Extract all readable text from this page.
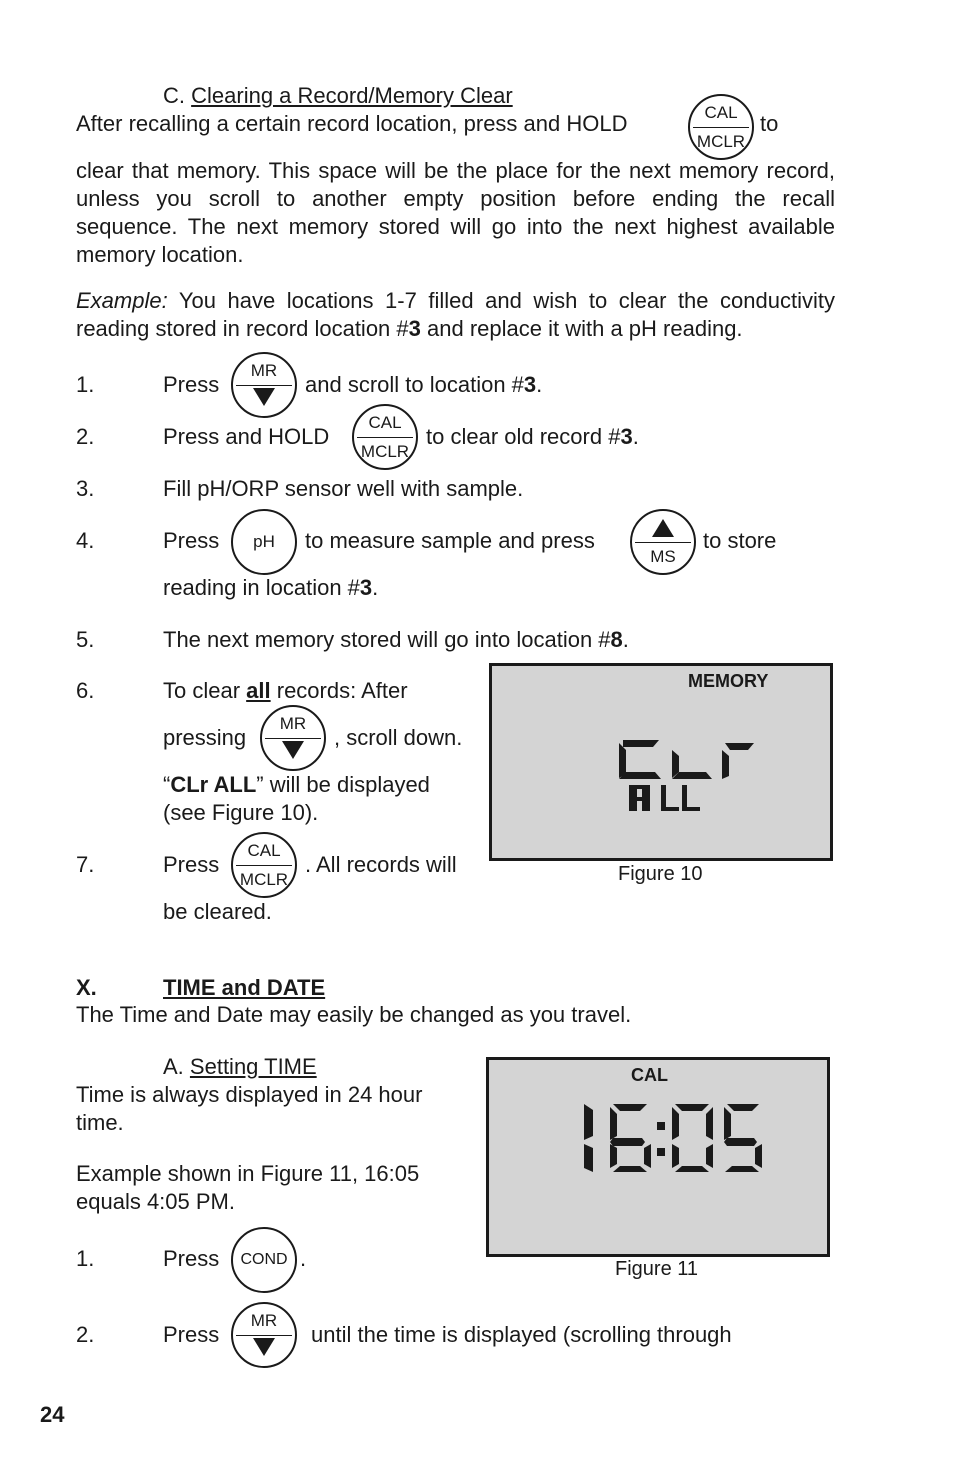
C. Clearing a Record/Memory Clear
After recalling a certain record location, press and HOLD	CAL
MCLR
to
clear that memory. This space will be the place for the next memory record, unless you scroll to another empty position before ending the recall sequence. The next memory stored will go into the next highest available memory location.
Example: You have locations 1-7 filled and wish to clear the conductivity reading stored in record location #3 and replace it with a pH reading.
1.	Press
MR
and scroll to location #3.
2.	Press and HOLD
CAL
MCLR
to clear old record #3.
3.	Fill pH/ORP sensor well with sample.
4.	Press	pH	to measure sample and press
MS
to store
reading in location #3.
5.	The next memory stored will go into location #8.
6.	To clear all records: After
pressing
MR
, scroll down.
“CLr ALL” will be displayed
(see Figure 10).
7.	Press
CAL
MCLR
. All records will
be cleared.
MEMORY
Figure 10
X.	TIME and DATE
The Time and Date may easily be changed as you travel.
A. Setting TIME
Time is always displayed in 24 hour
time.
Example shown in Figure 11, 16:05
equals 4:05 PM.
1.	Press	COND .
2.	Press
MR
until the time is displayed (scrolling through
CAL
Figure 11
24
